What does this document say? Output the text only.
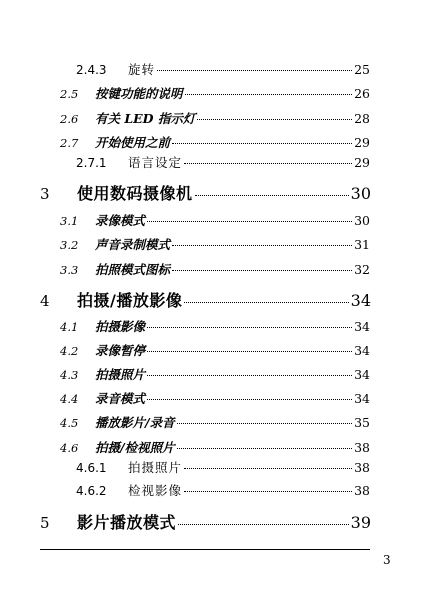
2.4.3	旋转	25
2.5	按键功能的说明	26
2.6	有关 LED 指示灯	28
2.7	开始使用之前	29
2.7.1	语言设定	29
3	使用数码摄像机	30
3.1	录像模式	30
3.2	声音录制模式	31
3.3	拍照模式图标	32
4	拍摄/播放影像	34
4.1	拍摄影像	34
4.2	录像暂停	34
4.3	拍摄照片	34
4.4	录音模式	34
4.5	播放影片/录音	35
4.6	拍摄/检视照片	38
4.6.1	拍摄照片	38
4.6.2	检视影像	38
5	影片播放模式	39
3
